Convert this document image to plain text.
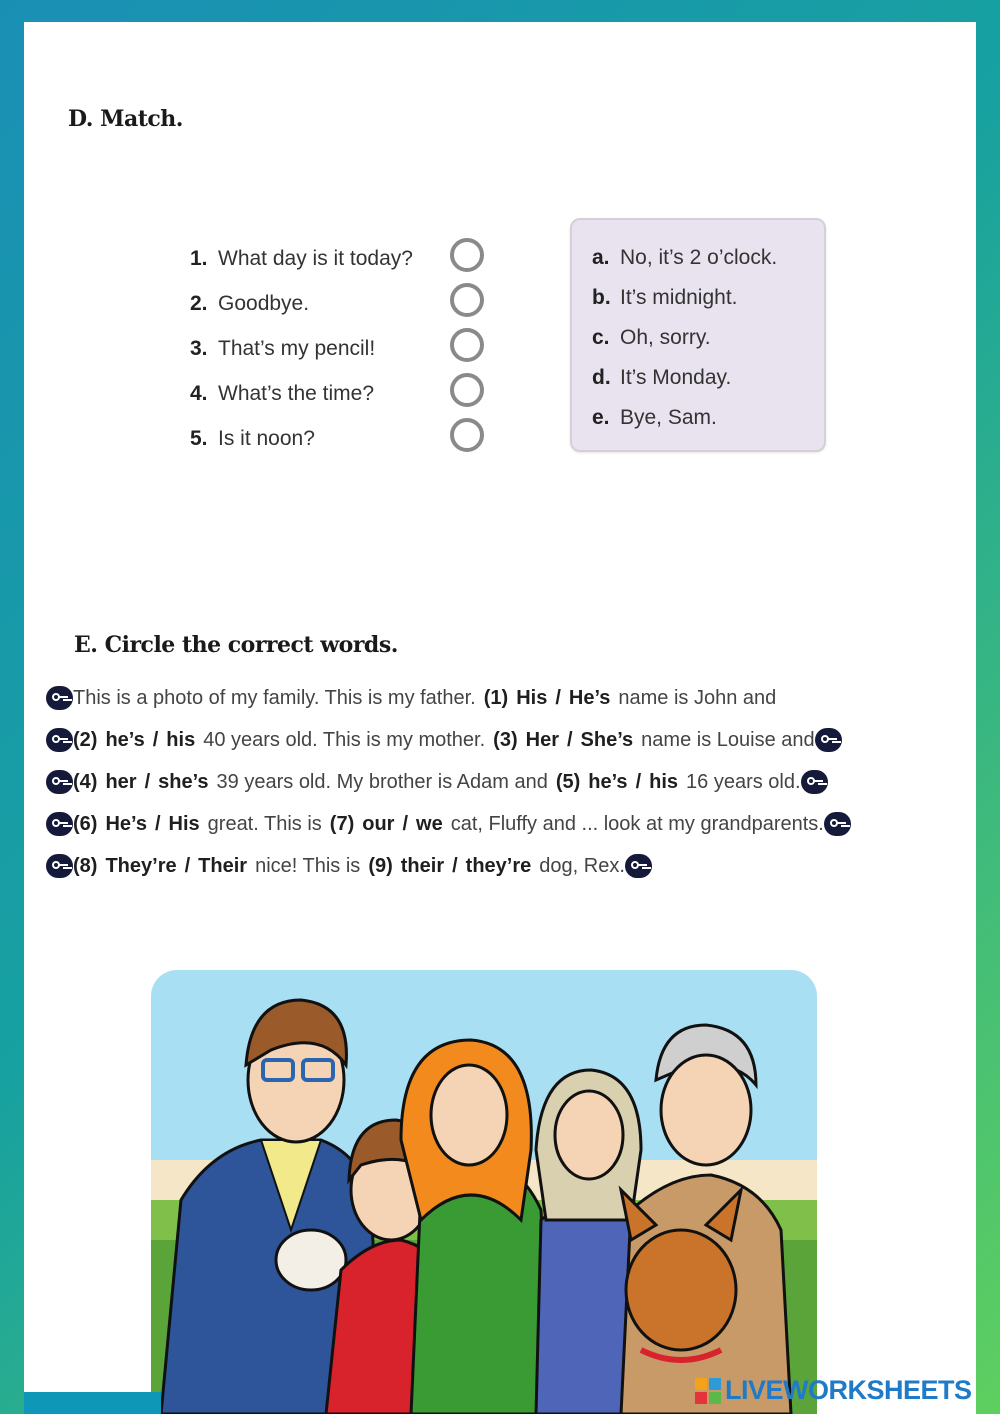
D. Match.
1. What day is it today?
2. Goodbye.
3. That’s my pencil!
4. What’s the time?
5. Is it noon?
a. No, it’s 2 o’clock.
b. It’s midnight.
c. Oh, sorry.
d. It’s Monday.
e. Bye, Sam.
E. Circle the correct words.
This is a photo of my family. This is my father. (1) His / He’s name is John and
(2) he’s / his 40 years old. This is my mother. (3) Her / She’s name is Louise and
(4) her / she’s 39 years old. My brother is Adam and (5) he’s / his 16 years old.
(6) He’s / His great. This is (7) our / we cat, Fluffy and ... look at my grandparents.
(8) They’re / Their nice! This is (9) their / they’re dog, Rex.
LIVEWORKSHEETS
